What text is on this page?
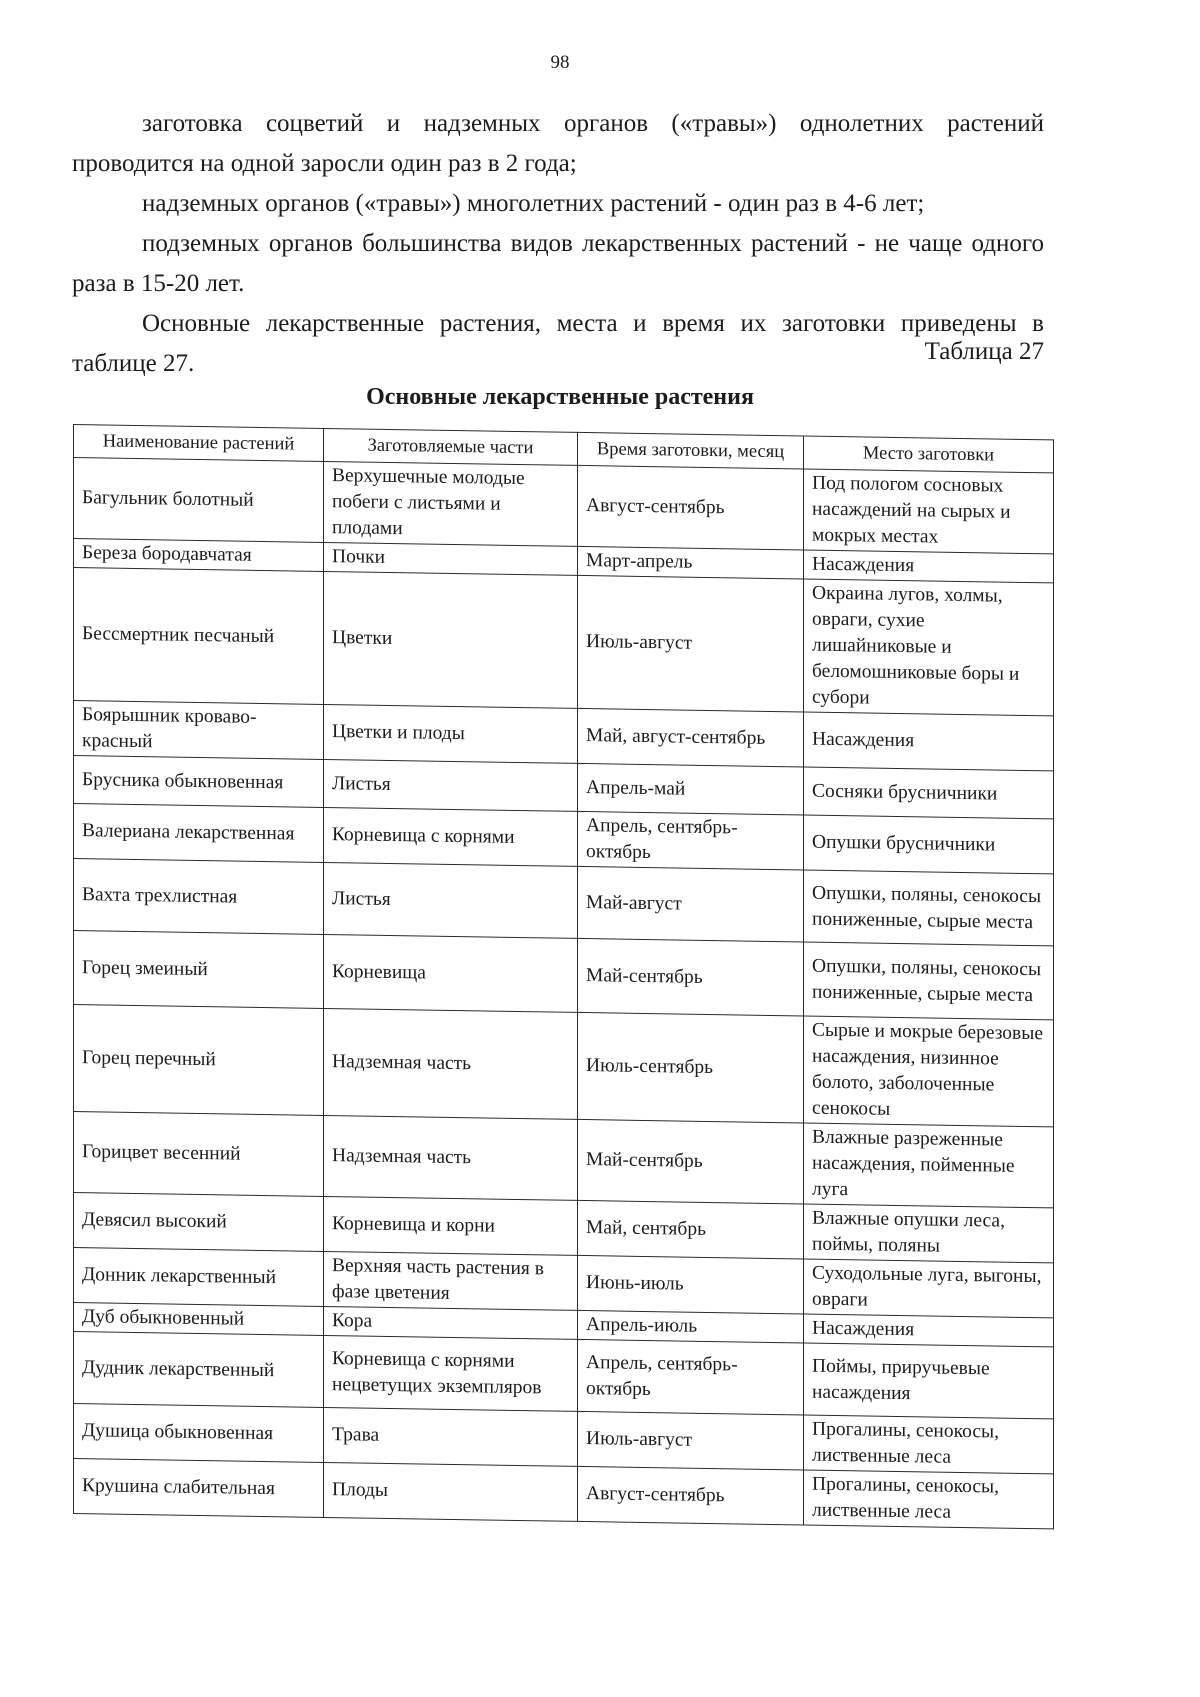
98

заготовка соцветий и надземных органов («травы») однолетних растений проводится на одной заросли один раз в 2 года;

надземных органов («травы») многолетних растений - один раз в 4-6 лет;

подземных органов большинства видов лекарственных растений - не чаще одного раза в 15-20 лет.

Основные лекарственные растения, места и время их заготовки приведены в таблице 27.	Таблица 27
Основные лекарственные растения
Наименование растений	Заготовляемые части	Время заготовки, месяц	Место заготовки
Багульник болотный	Верхушечные молодые побеги с листьями и плодами	Август-сентябрь	Под пологом сосновых насаждений на сырых и мокрых местах
Береза бородавчатая	Почки	Март-апрель	Насаждения
Бессмертник песчаный	Цветки	Июль-август	Окраина лугов, холмы, овраги, сухие лишайниковые и беломошниковые боры и субори
Боярышник кроваво-красный	Цветки и плоды	Май, август-сентябрь	Насаждения
Брусника обыкновенная	Листья	Апрель-май	Сосняки брусничники
Валериана лекарственная	Корневища с корнями	Апрель, сентябрь-октябрь	Опушки брусничники
Вахта трехлистная	Листья	Май-август	Опушки, поляны, сенокосы пониженные, сырые места
Горец змеиный	Корневища	Май-сентябрь	Опушки, поляны, сенокосы пониженные, сырые места
Горец перечный	Надземная часть	Июль-сентябрь	Сырые и мокрые березовые насаждения, низинное болото, заболоченные сенокосы
Горицвет весенний	Надземная часть	Май-сентябрь	Влажные разреженные насаждения, пойменные луга
Девясил высокий	Корневища и корни	Май, сентябрь	Влажные опушки леса, поймы, поляны
Донник лекарственный	Верхняя часть растения в фазе цветения	Июнь-июль	Суходольные луга, выгоны, овраги
Дуб обыкновенный	Кора	Апрель-июль	Насаждения
Дудник лекарственный	Корневища с корнями нецветущих экземпляров	Апрель, сентябрь-октябрь	Поймы, приручьевые насаждения
Душица обыкновенная	Трава	Июль-август	Прогалины, сенокосы, лиственные леса
Крушина слабительная	Плоды	Август-сентябрь	Прогалины, сенокосы, лиственные леса
